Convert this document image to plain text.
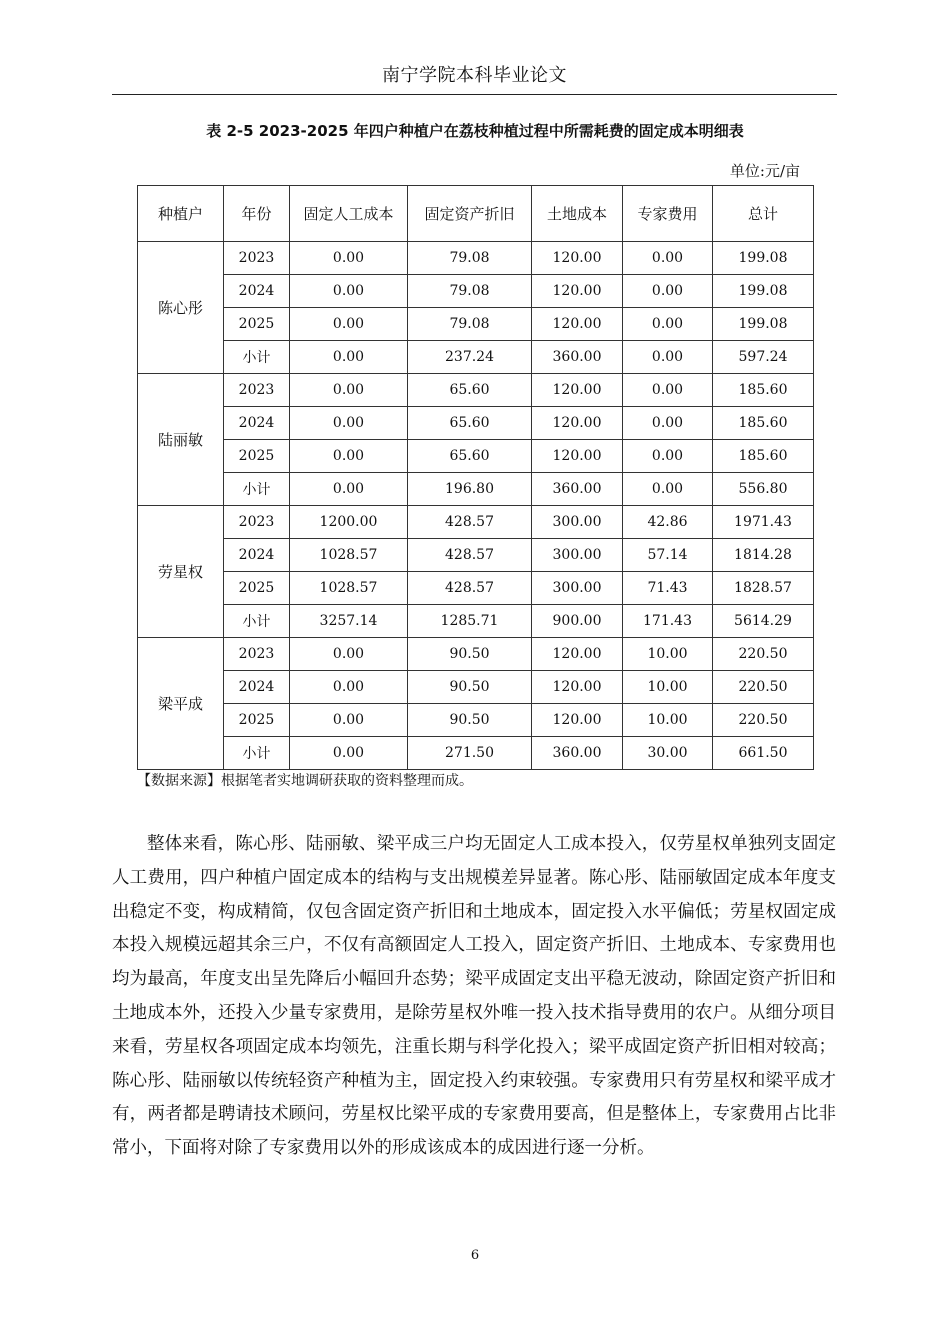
南宁学院本科毕业论文
表 2-5 2023-2025 年四户种植户在荔枝种植过程中所需耗费的固定成本明细表
单位:元/亩
种植户	年份	固定人工成本	固定资产折旧	土地成本	专家费用	总计
陈心彤	2023	0.00	79.08	120.00	0.00	199.08
	2024	0.00	79.08	120.00	0.00	199.08
	2025	0.00	79.08	120.00	0.00	199.08
	小计	0.00	237.24	360.00	0.00	597.24
陆丽敏	2023	0.00	65.60	120.00	0.00	185.60
	2024	0.00	65.60	120.00	0.00	185.60
	2025	0.00	65.60	120.00	0.00	185.60
	小计	0.00	196.80	360.00	0.00	556.80
劳星权	2023	1200.00	428.57	300.00	42.86	1971.43
	2024	1028.57	428.57	300.00	57.14	1814.28
	2025	1028.57	428.57	300.00	71.43	1828.57
	小计	3257.14	1285.71	900.00	171.43	5614.29
梁平成	2023	0.00	90.50	120.00	10.00	220.50
	2024	0.00	90.50	120.00	10.00	220.50
	2025	0.00	90.50	120.00	10.00	220.50
	小计	0.00	271.50	360.00	30.00	661.50
【数据来源】根据笔者实地调研获取的资料整理而成。

整体来看，陈心彤、陆丽敏、梁平成三户均无固定人工成本投入，仅劳星权单独列支固定人工费用，四户种植户固定成本的结构与支出规模差异显著。陈心彤、陆丽敏固定成本年度支出稳定不变，构成精简，仅包含固定资产折旧和土地成本，固定投入水平偏低；劳星权固定成本投入规模远超其余三户，不仅有高额固定人工投入，固定资产折旧、土地成本、专家费用也均为最高，年度支出呈先降后小幅回升态势；梁平成固定支出平稳无波动，除固定资产折旧和土地成本外，还投入少量专家费用，是除劳星权外唯一投入技术指导费用的农户。从细分项目来看，劳星权各项固定成本均领先，注重长期与科学化投入；梁平成固定资产折旧相对较高；陈心彤、陆丽敏以传统轻资产种植为主，固定投入约束较强。专家费用只有劳星权和梁平成才有，两者都是聘请技术顾问，劳星权比梁平成的专家费用要高，但是整体上，专家费用占比非常小，下面将对除了专家费用以外的形成该成本的成因进行逐一分析。

6
